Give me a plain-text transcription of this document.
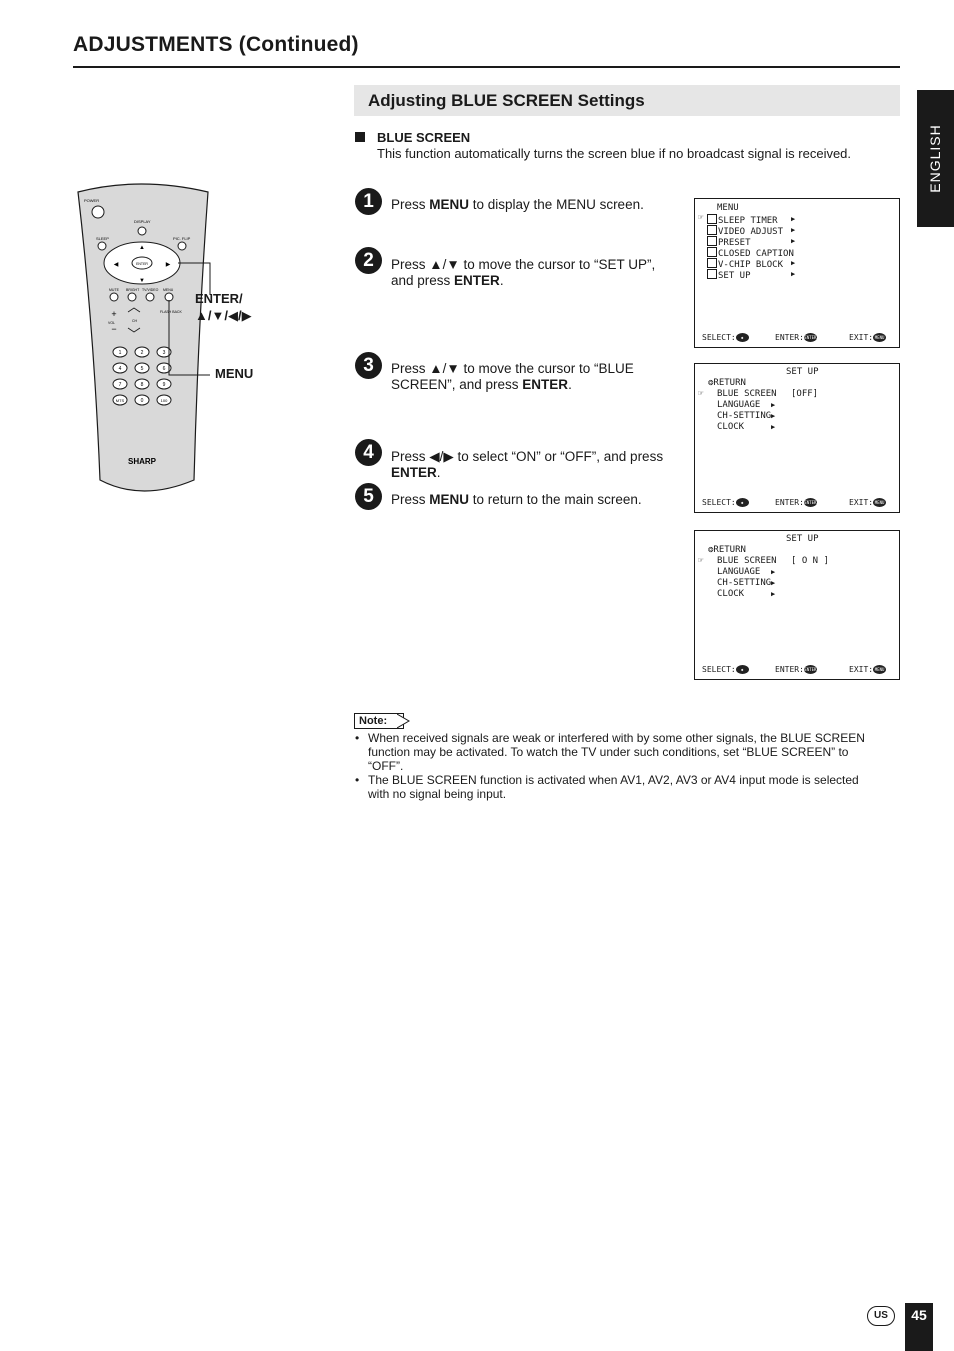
ADJUSTMENTS (Continued)
Adjusting BLUE SCREEN Settings
ENGLISH
BLUE SCREEN
This function automatically turns the screen blue if no broadcast signal is received.
1	Press MENU to display the MENU screen.
2	Press ▲/▼ to move the cursor to “SET UP”, and press ENTER.
3	Press ▲/▼ to move the cursor to “BLUE SCREEN”, and press ENTER.
4	Press ◀/▶ to select “ON” or “OFF”, and press ENTER.
5	Press MENU to return to the main screen.
MENU
☞	SLEEP TIMER
VIDEO ADJUST
PRESET
CLOSED CAPTION
V-CHIP BLOCK
SET UP
▶
▶
▶
▶
▶
SELECT: ◆	ENTER:ENTER	EXIT: MENU
SET UP
❂RETURN
☞ BLUE SCREEN [OFF]
LANGUAGE ▶
CH-SETTING ▶
CLOCK	▶
SELECT: ◆	ENTER:ENTER	EXIT: MENU
SET UP
❂RETURN
☞ BLUE SCREEN [ O N ]
LANGUAGE ▶
CH-SETTING ▶
CLOCK	▶
SELECT: ◆	ENTER:ENTER	EXIT: MENU
POWER
DISPLAY
SLEEP	PIC. FLIP
▲
▼
◀	▶
ENTER
MUTE BRIGHT TV/VIDEO MENU
+
−
VOL	CH
FLASH BACK
1	2	3
4	5	6
7	8	9
MTS	0	100
SHARP
ENTER/
▲/▼/◀/▶
MENU
Note:
• When received signals are weak or interfered with by some other signals, the BLUE SCREEN function may be activated. To watch the TV under such conditions, set “BLUE SCREEN” to “OFF”.
• The BLUE SCREEN function is activated when AV1, AV2, AV3 or AV4 input mode is selected with no signal being input.
US	45
